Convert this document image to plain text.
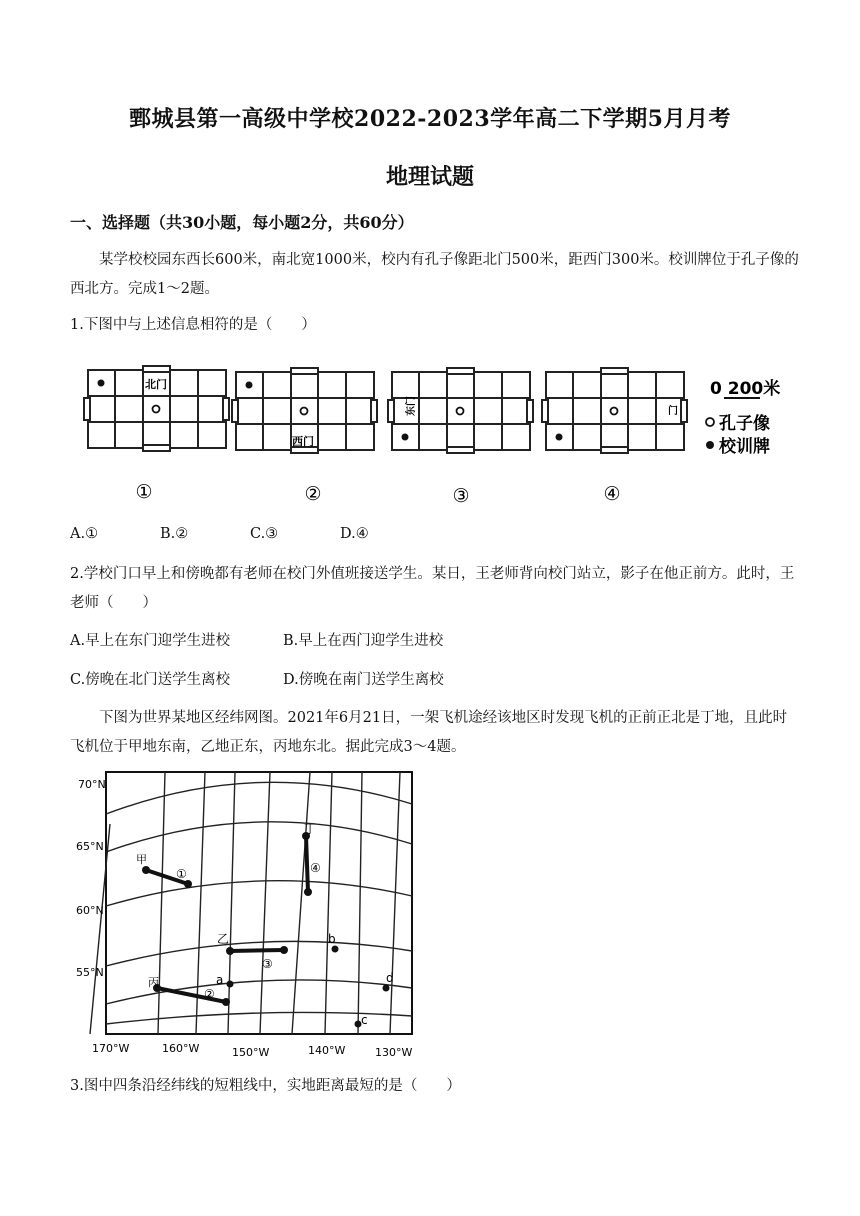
鄄城县第一高级中学校2022-2023学年高二下学期5月月考
地理试题
一、选择题（共30小题，每小题2分，共60分）
某学校校园东西长600米，南北宽1000米，校内有孔子像距北门500米，距西门300米。校训牌位于孔子像的西北方。完成1～2题。
1.下图中与上述信息相符的是（　　）
北门
西门
东门	门
①	②	③	④
0 200米
孔子像
校训牌
A.①	B.②	C.③	D.④
2.学校门口早上和傍晚都有老师在校门外值班接送学生。某日，王老师背向校门站立，影子在他正前方。此时，王老师（　　）
A.早上在东门迎学生进校	B.早上在西门迎学生进校
C.傍晚在北门送学生离校	D.傍晚在南门送学生离校
下图为世界某地区经纬网图。2021年6月21日，一架飞机途经该地区时发现飞机的正前正北是丁地，且此时飞机位于甲地东南，乙地正东，丙地东北。据此完成3～4题。
70°N
65°N
60°N
55°N
170°W	160°W	150°W	140°W	130°W
甲
乙
丙
丁
a
b
c
d
①
②
③
④
3.图中四条沿经纬线的短粗线中，实地距离最短的是（　　）
